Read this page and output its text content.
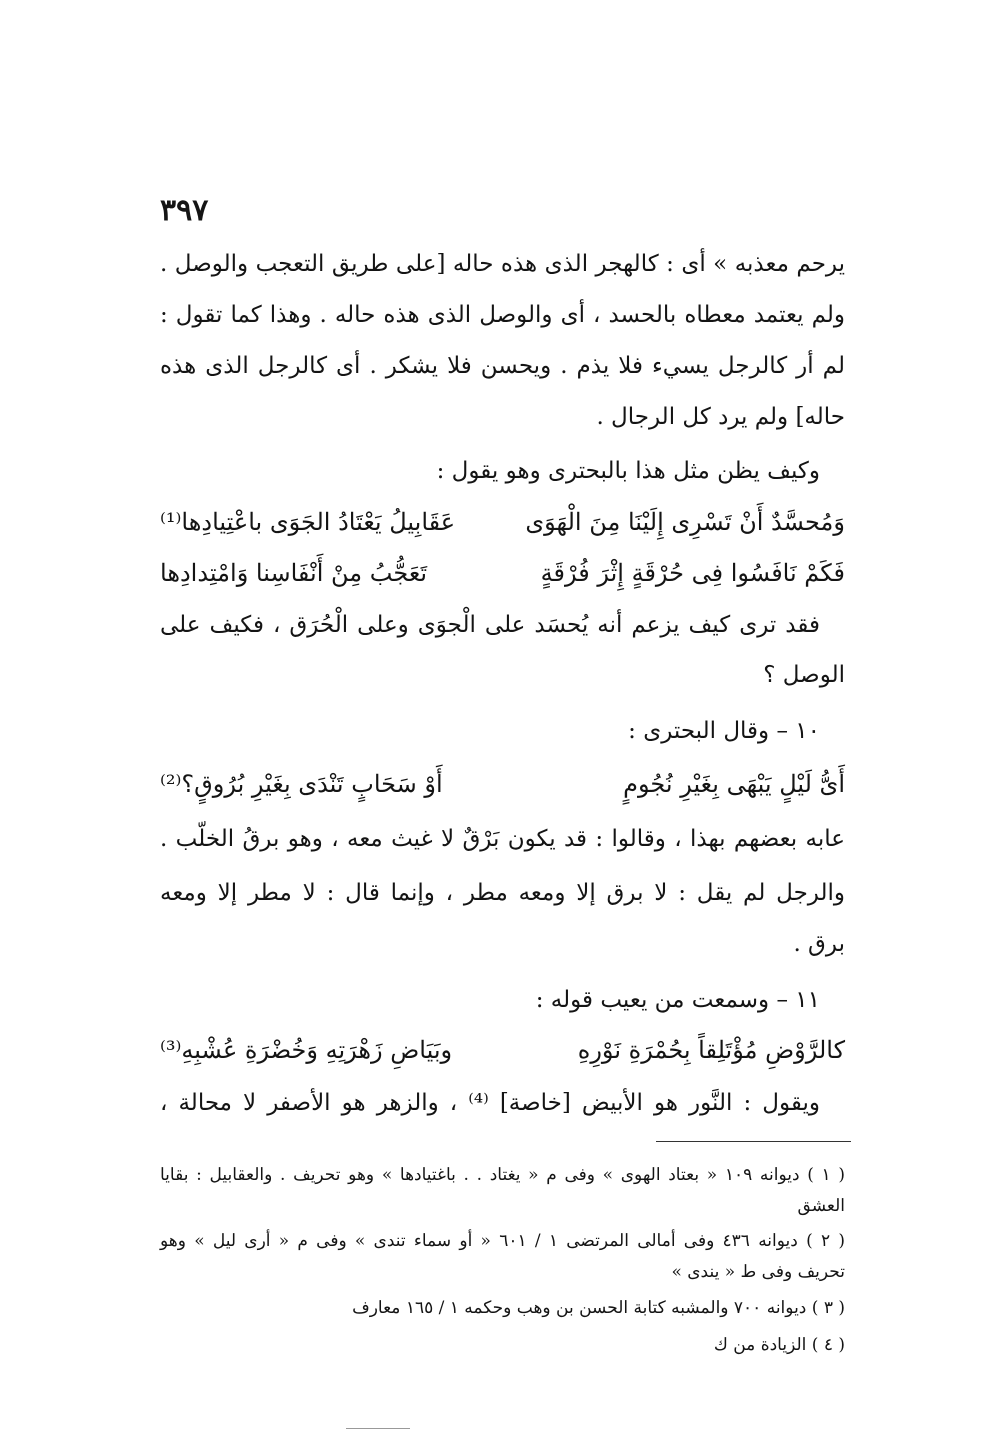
٣٩٧
يرحم معذبه » أى : كالهجر الذى هذه حاله [على طريق التعجب والوصل .
ولم يعتمد معطاه بالحسد ، أى والوصل الذى هذه حاله . وهذا كما تقول :
لم أر كالرجل يسيء فلا يذم . ويحسن فلا يشكر . أى كالرجل الذى هذه
حاله] ولم يرد كل الرجال .
وكيف يظن مثل هذا بالبحترى وهو يقول :
وَمُحسَّدٌ أَنْ تَسْرِى إِلَيْنَا مِنَ الْهَوَى
عَقَابِيلُ يَعْتَادُ الجَوَى باعْتِيادِها⁽¹⁾
فَكَمْ نَافَسُوا فِى حُرْقَةٍ إِثْرَ فُرْقَةٍ
تَعَجُّبُ مِنْ أَنْفَاسِنا وَامْتِدادِها
فقد ترى كيف يزعم أنه يُحسَد على الْجوَى وعلى الْحُرَق ، فكيف على
الوصل ؟
١٠ – وقال البحترى :
أَىُّ لَيْلٍ يَبْهَى بِغَيْرِ نُجُومٍ
أَوْ سَحَابٍ تَنْدَى بِغَيْرِ بُرُوقٍ؟⁽²⁾
عابه بعضهم بهذا ، وقالوا : قد يكون بَرْقٌ لا غيث معه ، وهو برقُ الخلّب .
والرجل لم يقل : لا برق إلا ومعه مطر ، وإنما قال : لا مطر إلا ومعه
برق .
١١ – وسمعت من يعيب قوله :
كالرَّوْضِ مُؤْتَلِقاً بِحُمْرَةِ نَوْرِهِ
وبَيَاضِ زَهْرَتِهِ وَخُضْرَةِ عُشْبِهِ⁽³⁾
ويقول : النَّور هو الأبيض [خاصة] ⁽⁴⁾ ، والزهر هو الأصفر لا محالة ،
( ١ ) ديوانه ١٠٩ « بعتاد الهوى » وفى م « يغتاد . . باغتيادها » وهو تحريف . والعقابيل : بقايا
العشق
( ٢ ) ديوانه ٤٣٦ وفى أمالى المرتضى ١ / ٦٠١ « أو سماء تندى » وفى م « أرى ليل » وهو
تحريف وفى ط « يندى »
( ٣ ) ديوانه ٧٠٠ والمشبه كتابة الحسن بن وهب وحكمه ١ / ١٦٥ معارف
( ٤ ) الزيادة من ك
